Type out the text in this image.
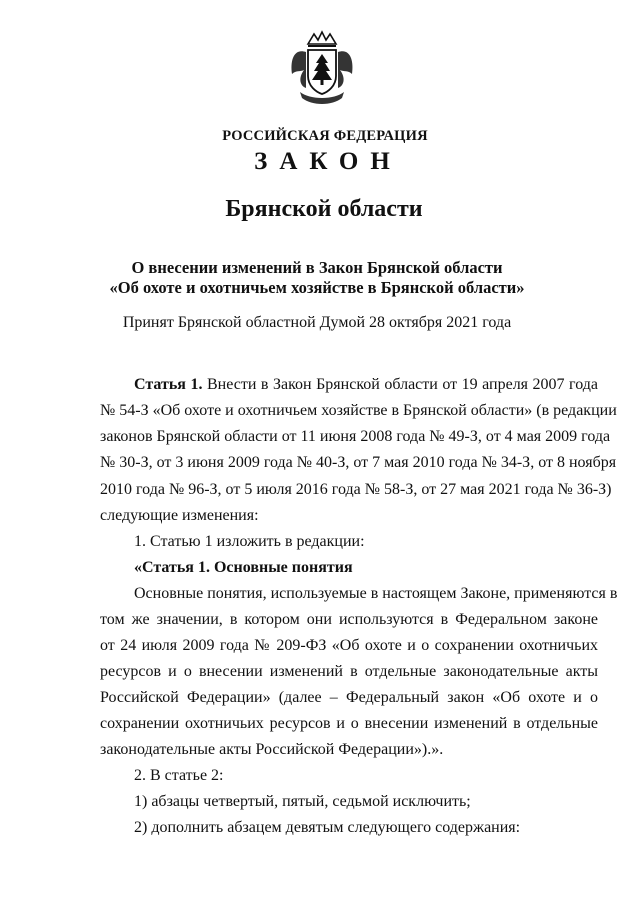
РОССИЙСКАЯ ФЕДЕРАЦИЯ
ЗАКОН
Брянской области
О внесении изменений в Закон Брянской области
«Об охоте и охотничьем хозяйстве в Брянской области»
Принят Брянской областной Думой 28 октября 2021 года
Статья 1. Внести в Закон Брянской области от 19 апреля 2007 года
№ 54-З «Об охоте и охотничьем хозяйстве в Брянской области» (в редакции
законов Брянской области от 11 июня 2008 года № 49-З, от 4 мая 2009 года
№ 30-З, от 3 июня 2009 года № 40-З, от 7 мая 2010 года № 34-З, от 8 ноября
2010 года № 96-З, от 5 июля 2016 года № 58-З, от 27 мая 2021 года № 36-З)
следующие изменения:
1. Статью 1 изложить в редакции:
«Статья 1. Основные понятия
Основные понятия, используемые в настоящем Законе, применяются в
том же значении, в котором они используются в Федеральном законе
от 24 июля 2009 года № 209-ФЗ «Об охоте и о сохранении охотничьих
ресурсов и о внесении изменений в отдельные законодательные акты
Российской Федерации» (далее – Федеральный закон «Об охоте и о
сохранении охотничьих ресурсов и о внесении изменений в отдельные
законодательные акты Российской Федерации»).».
2. В статье 2:
1) абзацы четвертый, пятый, седьмой исключить;
2) дополнить абзацем девятым следующего содержания:
